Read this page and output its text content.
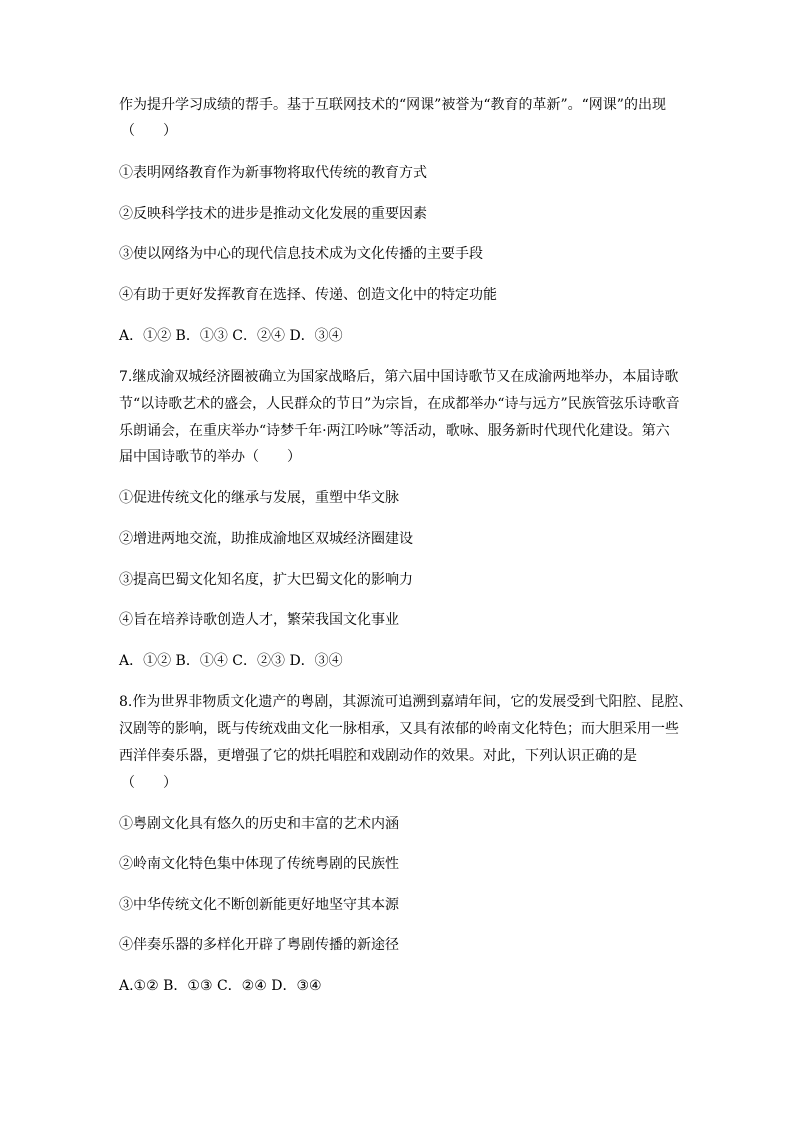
作为提升学习成绩的帮手。基于互联网技术的“网课”被誉为“教育的革新”。“网课”的出现

（　　）

①表明网络教育作为新事物将取代传统的教育方式

②反映科学技术的进步是推动文化发展的重要因素

③使以网络为中心的现代信息技术成为文化传播的主要手段

④有助于更好发挥教育在选择、传递、创造文化中的特定功能

A．①② B．①③ C．②④ D．③④

7.继成渝双城经济圈被确立为国家战略后，第六届中国诗歌节又在成渝两地举办，本届诗歌

节“以诗歌艺术的盛会，人民群众的节日”为宗旨，在成都举办“诗与远方”民族管弦乐诗歌音

乐朗诵会，在重庆举办“诗梦千年·两江吟咏”等活动，歌咏、服务新时代现代化建设。第六

届中国诗歌节的举办（　　）

①促进传统文化的继承与发展，重塑中华文脉

②增进两地交流，助推成渝地区双城经济圈建设

③提高巴蜀文化知名度，扩大巴蜀文化的影响力

④旨在培养诗歌创造人才，繁荣我国文化事业

A．①② B．①④ C．②③ D．③④

8.作为世界非物质文化遗产的粤剧，其源流可追溯到嘉靖年间，它的发展受到弋阳腔、昆腔、

汉剧等的影响，既与传统戏曲文化一脉相承，又具有浓郁的岭南文化特色；而大胆采用一些

西洋伴奏乐器，更增强了它的烘托唱腔和戏剧动作的效果。对此，下列认识正确的是

（　　）

①粤剧文化具有悠久的历史和丰富的艺术内涵

②岭南文化特色集中体现了传统粤剧的民族性

③中华传统文化不断创新能更好地坚守其本源

④伴奏乐器的多样化开辟了粤剧传播的新途径

A.①② B．①③ C．②④ D．③④
